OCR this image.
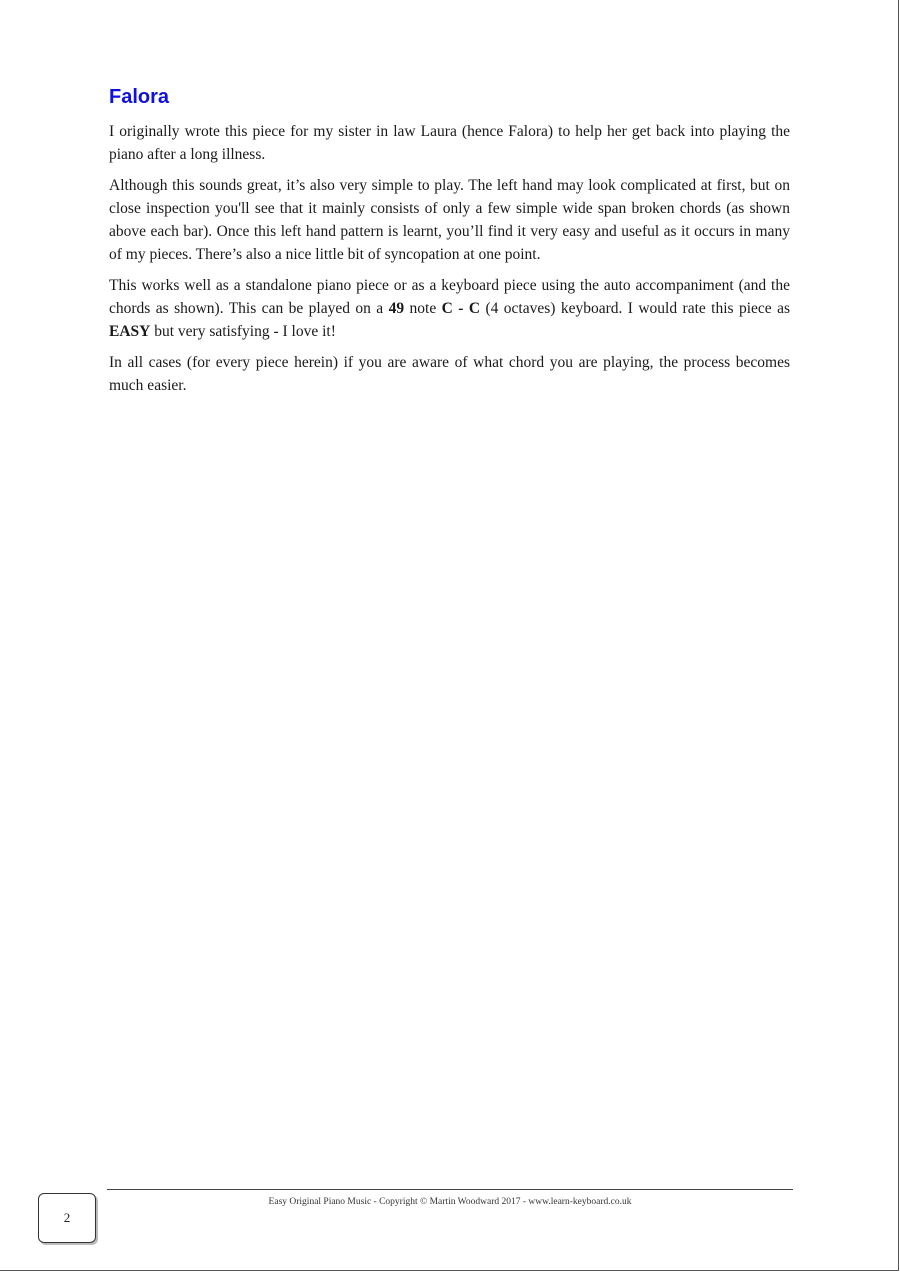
Falora

I originally wrote this piece for my sister in law Laura (hence Falora) to help her get back into playing the piano after a long illness.

Although this sounds great, it’s also very simple to play. The left hand may look complicated at first, but on close inspection you'll see that it mainly consists of only a few simple wide span broken chords (as shown above each bar). Once this left hand pattern is learnt, you’ll find it very easy and useful as it occurs in many of my pieces. There’s also a nice little bit of syncopation at one point.

This works well as a standalone piano piece or as a keyboard piece using the auto accompaniment (and the chords as shown). This can be played on a 49 note C - C (4 octaves) keyboard. I would rate this piece as EASY but very satisfying - I love it!

In all cases (for every piece herein) if you are aware of what chord you are playing, the process becomes much easier.

2
Easy Original Piano Music - Copyright © Martin Woodward 2017 - www.learn-keyboard.co.uk
